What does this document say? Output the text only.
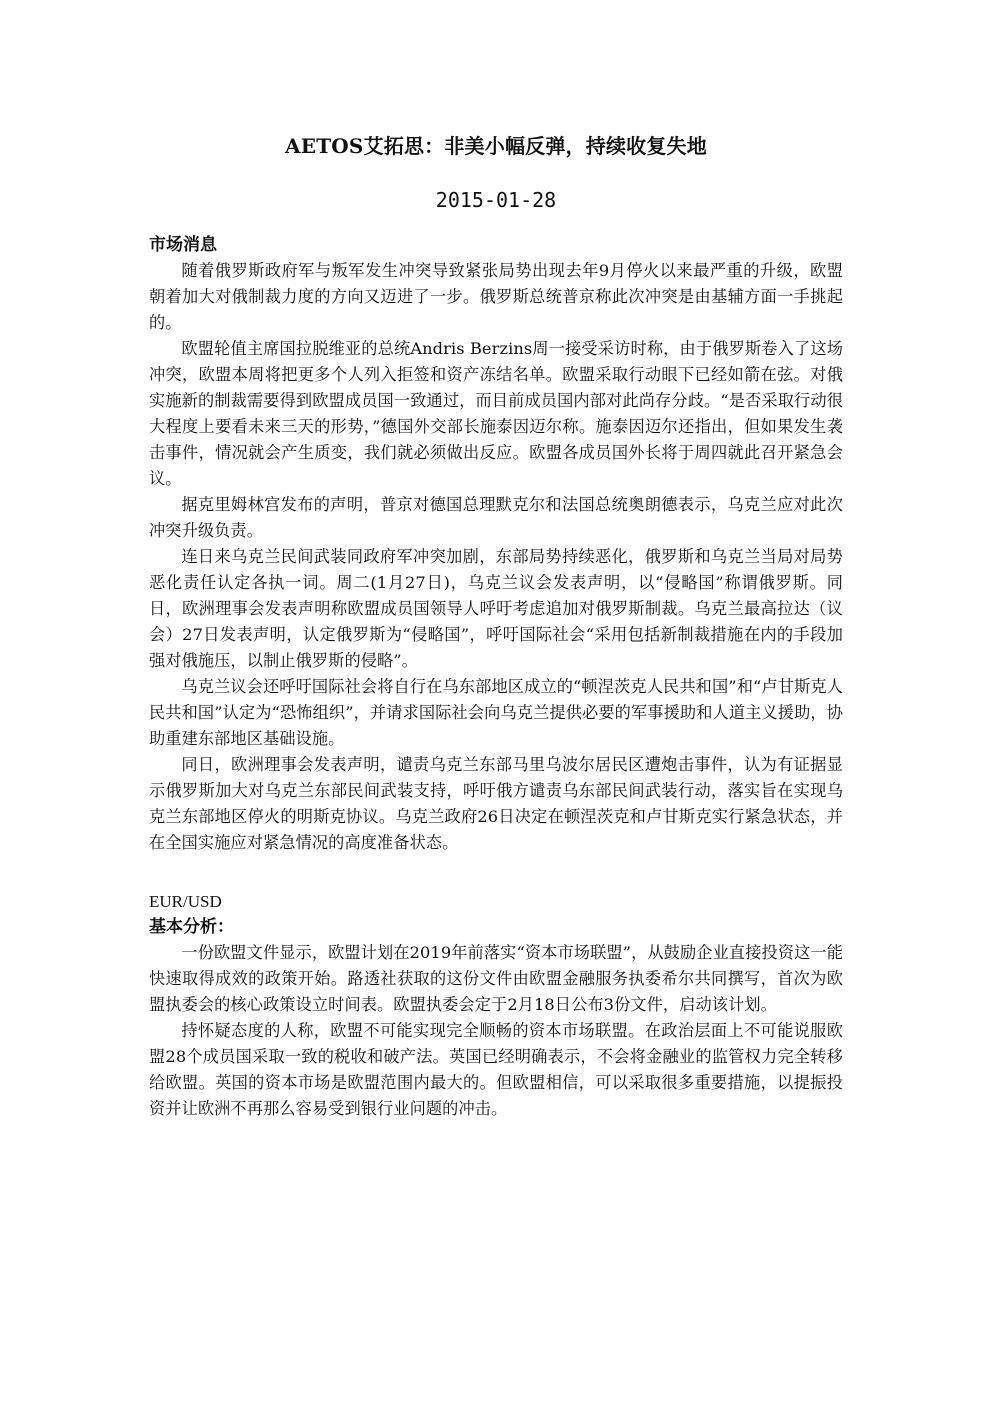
AETOS艾拓思：非美小幅反弹，持续收复失地
2015-01-28
市场消息

随着俄罗斯政府军与叛军发生冲突导致紧张局势出现去年9月停火以来最严重的升级，欧盟朝着加大对俄制裁力度的方向又迈进了一步。俄罗斯总统普京称此次冲突是由基辅方面一手挑起的。

欧盟轮值主席国拉脱维亚的总统Andris Berzins周一接受采访时称，由于俄罗斯卷入了这场冲突，欧盟本周将把更多个人列入拒签和资产冻结名单。欧盟采取行动眼下已经如箭在弦。对俄实施新的制裁需要得到欧盟成员国一致通过，而目前成员国内部对此尚存分歧。“是否采取行动很大程度上要看未来三天的形势，”德国外交部长施泰因迈尔称。施泰因迈尔还指出，但如果发生袭击事件，情况就会产生质变，我们就必须做出反应。欧盟各成员国外长将于周四就此召开紧急会议。

据克里姆林宫发布的声明，普京对德国总理默克尔和法国总统奥朗德表示，乌克兰应对此次冲突升级负责。

连日来乌克兰民间武装同政府军冲突加剧，东部局势持续恶化，俄罗斯和乌克兰当局对局势恶化责任认定各执一词。周二(1月27日)，乌克兰议会发表声明，以“侵略国”称谓俄罗斯。同日，欧洲理事会发表声明称欧盟成员国领导人呼吁考虑追加对俄罗斯制裁。乌克兰最高拉达（议会）27日发表声明，认定俄罗斯为“侵略国”，呼吁国际社会“采用包括新制裁措施在内的手段加强对俄施压，以制止俄罗斯的侵略”。

乌克兰议会还呼吁国际社会将自行在乌东部地区成立的“顿涅茨克人民共和国”和“卢甘斯克人民共和国”认定为“恐怖组织”，并请求国际社会向乌克兰提供必要的军事援助和人道主义援助，协助重建东部地区基础设施。

同日，欧洲理事会发表声明，谴责乌克兰东部马里乌波尔居民区遭炮击事件，认为有证据显示俄罗斯加大对乌克兰东部民间武装支持，呼吁俄方谴责乌东部民间武装行动，落实旨在实现乌克兰东部地区停火的明斯克协议。乌克兰政府26日决定在顿涅茨克和卢甘斯克实行紧急状态，并在全国实施应对紧急情况的高度准备状态。

EUR/USD
基本分析：

一份欧盟文件显示，欧盟计划在2019年前落实“资本市场联盟”，从鼓励企业直接投资这一能快速取得成效的政策开始。路透社获取的这份文件由欧盟金融服务执委希尔共同撰写，首次为欧盟执委会的核心政策设立时间表。欧盟执委会定于2月18日公布3份文件，启动该计划。

持怀疑态度的人称，欧盟不可能实现完全顺畅的资本市场联盟。在政治层面上不可能说服欧盟28个成员国采取一致的税收和破产法。英国已经明确表示，不会将金融业的监管权力完全转移给欧盟。英国的资本市场是欧盟范围内最大的。但欧盟相信，可以采取很多重要措施，以提振投资并让欧洲不再那么容易受到银行业问题的冲击。
